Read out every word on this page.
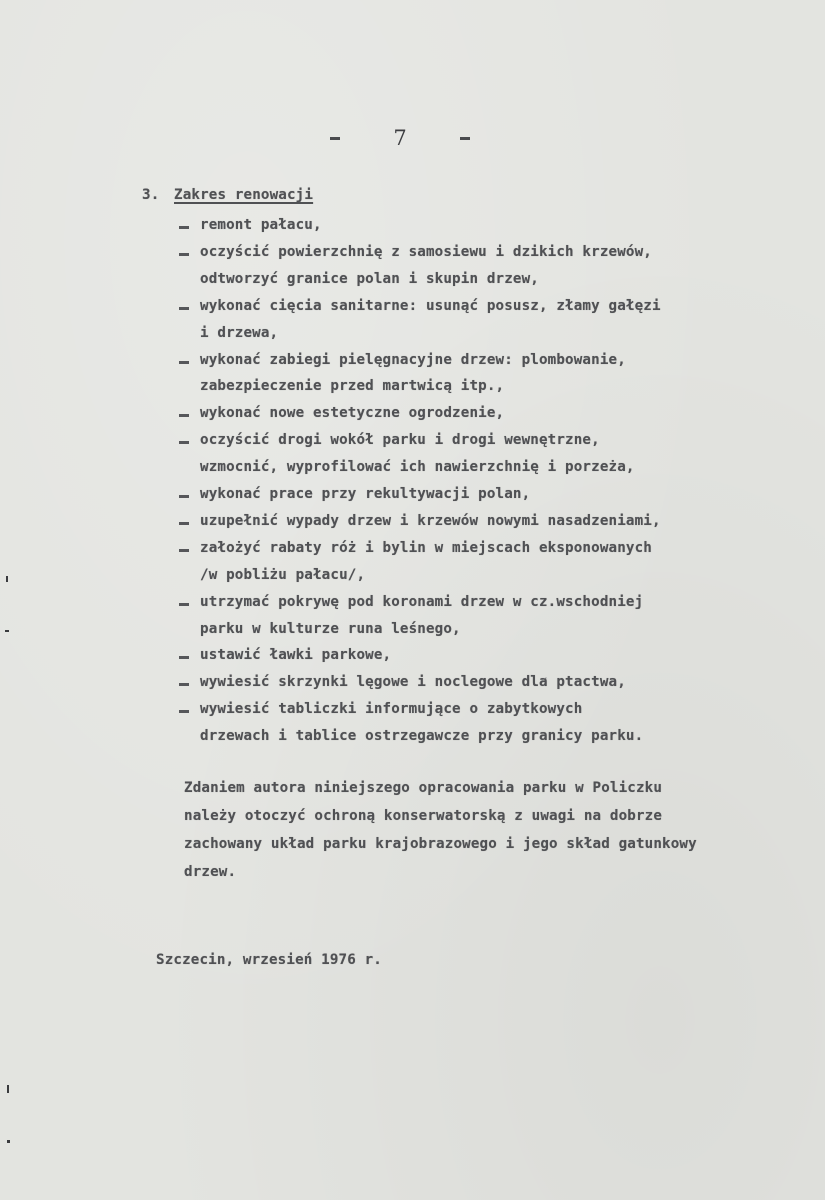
7
3. Zakres renowacji
remont pałacu,
oczyścić powierzchnię z samosiewu i dzikich krzewów,
odtworzyć granice polan i skupin drzew,
wykonać cięcia sanitarne: usunąć posusz, złamy gałęzi
i drzewa,
wykonać zabiegi pielęgnacyjne drzew: plombowanie,
zabezpieczenie przed martwicą itp.,
wykonać nowe estetyczne ogrodzenie,
oczyścić drogi wokół parku i drogi wewnętrzne,
wzmocnić, wyprofilować ich nawierzchnię i porzeża,
wykonać prace przy rekultywacji polan,
uzupełnić wypady drzew i krzewów nowymi nasadzeniami,
założyć rabaty róż i bylin w miejscach eksponowanych
/w pobliżu pałacu/,
utrzymać pokrywę pod koronami drzew w cz.wschodniej
parku w kulturze runa leśnego,
ustawić ławki parkowe,
wywiesić skrzynki lęgowe i noclegowe dla ptactwa,
wywiesić tabliczki informujące o zabytkowych
drzewach i tablice ostrzegawcze przy granicy parku.
Zdaniem autora niniejszego opracowania parku w Policzku
należy otoczyć ochroną konserwatorską z uwagi na dobrze
zachowany układ parku krajobrazowego i jego skład gatunkowy
drzew.
Szczecin, wrzesień 1976 r.
